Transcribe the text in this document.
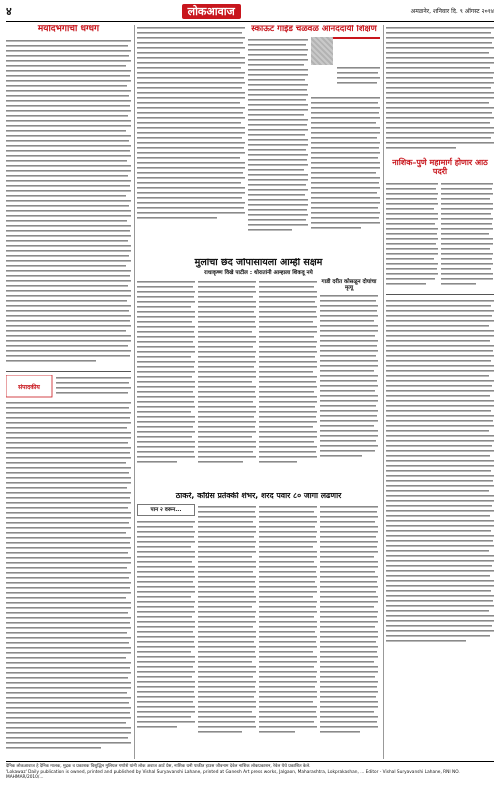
४	लोकआवाज	अमळनेर, शनिवार दि. ९ ऑगस्ट २०१४
मर्यादभंगाची धग्धग
संपादकीय
स्काऊट गाईड चळवळ आनंददायी शिक्षण
नाशिक–पुणे महामार्ग होणार आठ पदरी
मुलांचा छंद जोपासायला आम्ही सक्षम
राधाकृष्ण विखे पाटील : थोरातांनी आम्हाला शिकवू नये
गाडी दरीत कोसळून दोघांचा मृत्यू
ठाकरे, काँग्रेस प्रतेक्की शंभर, शरद पवार ८० जागा लढणार
पान २ वरून...
दैनिक लोकआवाज हे दैनिक मालक, मुद्रक व प्रकाशक विशुद्धिन मुलियल गणोशे यांनी लोक अवाज आर्ट प्रेस, नाशिक धनी पाकीत हाउस जीवनाम देवेल नाशिक लोकप्रकाशन, रेवेल येथे प्रकाशित केले.
'Lokawaz' Daily publication is owned, printed and published by Vishal Suryavanshi Lahane, printed at Ganesh Art press works, Jalgaon, Maharashtra, Lokprakashan, ... Editor - Vishal Suryavanshi Lahane, RNI NO. MAHMAR/2010/...
